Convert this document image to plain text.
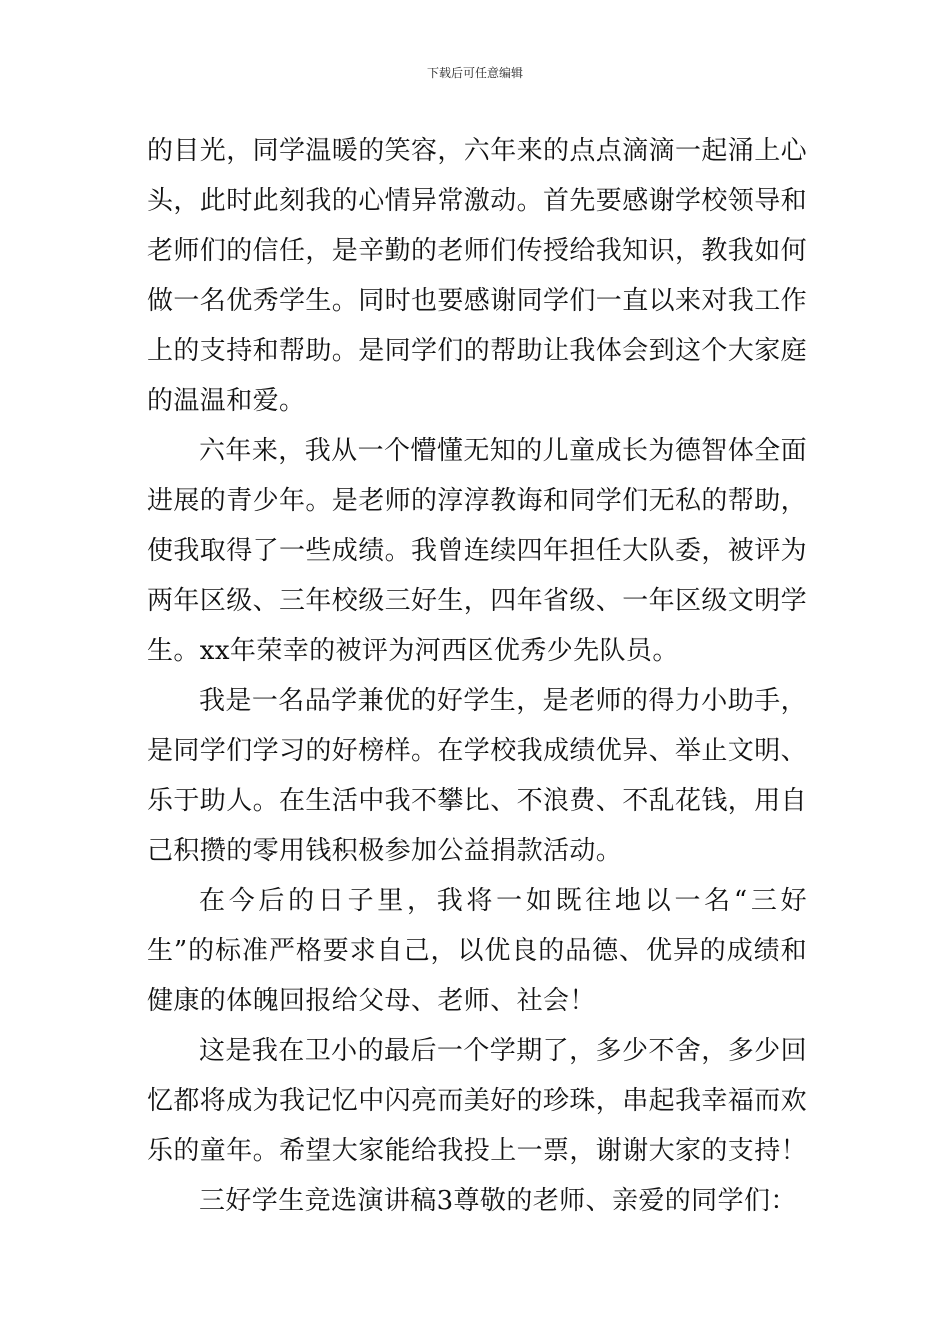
下载后可任意编辑

的目光，同学温暖的笑容，六年来的点点滴滴一起涌上心头，此时此刻我的心情异常激动。首先要感谢学校领导和老师们的信任，是辛勤的老师们传授给我知识，教我如何做一名优秀学生。同时也要感谢同学们一直以来对我工作上的支持和帮助。是同学们的帮助让我体会到这个大家庭的温温和爱。

六年来，我从一个懵懂无知的儿童成长为德智体全面进展的青少年。是老师的淳淳教诲和同学们无私的帮助，使我取得了一些成绩。我曾连续四年担任大队委，被评为两年区级、三年校级三好生，四年省级、一年区级文明学生。xx年荣幸的被评为河西区优秀少先队员。

我是一名品学兼优的好学生，是老师的得力小助手，是同学们学习的好榜样。在学校我成绩优异、举止文明、乐于助人。在生活中我不攀比、不浪费、不乱花钱，用自己积攒的零用钱积极参加公益捐款活动。

在今后的日子里，我将一如既往地以一名“三好生”的标准严格要求自己，以优良的品德、优异的成绩和健康的体魄回报给父母、老师、社会！

这是我在卫小的最后一个学期了，多少不舍，多少回忆都将成为我记忆中闪亮而美好的珍珠，串起我幸福而欢乐的童年。希望大家能给我投上一票，谢谢大家的支持！

三好学生竞选演讲稿3尊敬的老师、亲爱的同学们：
